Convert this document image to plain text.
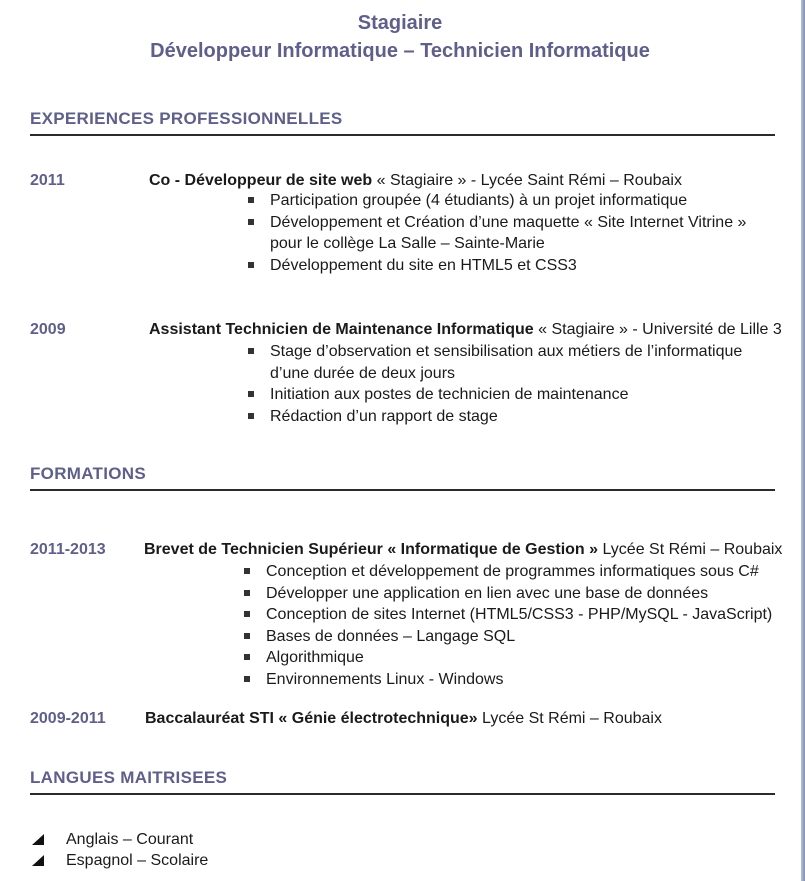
Stagiaire
Développeur Informatique – Technicien Informatique
EXPERIENCES PROFESSIONNELLES
2011	Co - Développeur de site web « Stagiaire » - Lycée Saint Rémi – Roubaix
Participation groupée (4 étudiants) à un projet informatique
Développement et Création d’une maquette « Site Internet Vitrine » pour le collège La Salle – Sainte-Marie
Développement du site en HTML5 et CSS3
2009	Assistant Technicien de Maintenance Informatique « Stagiaire » - Université de Lille 3
Stage d’observation et sensibilisation aux métiers de l’informatique d’une durée de deux jours
Initiation aux postes de technicien de maintenance
Rédaction d’un rapport de stage
FORMATIONS
2011-2013 Brevet de Technicien Supérieur « Informatique de Gestion » Lycée St Rémi – Roubaix
Conception et développement de programmes informatiques sous C#
Développer une application en lien avec une base de données
Conception de sites Internet (HTML5/CSS3 - PHP/MySQL - JavaScript)
Bases de données – Langage SQL
Algorithmique
Environnements Linux - Windows
2009-2011 Baccalauréat STI « Génie électrotechnique» Lycée St Rémi – Roubaix
LANGUES MAITRISEES
Anglais – Courant
Espagnol – Scolaire
